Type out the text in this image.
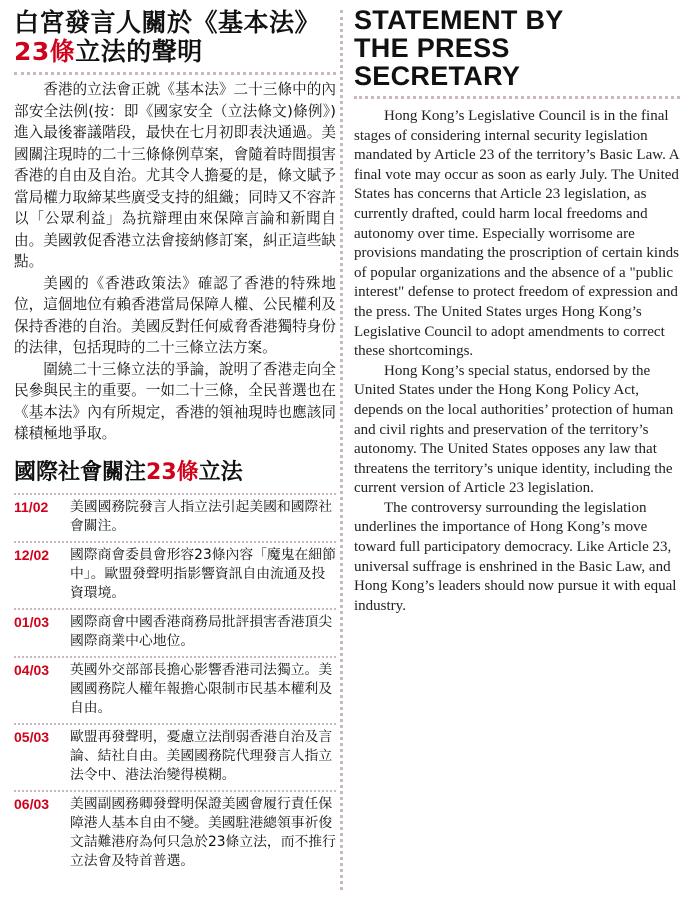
白宮發言人關於《基本法》
23條立法的聲明

香港的立法會正就《基本法》二十三條中的內部安全法例(按：即《國家安全（立法條文)條例》)進入最後審議階段，最快在七月初即表決通過。美國關注現時的二十三條條例草案，會隨着時間損害香港的自由及自治。尤其令人擔憂的是，條文賦予當局權力取締某些廣受支持的組織；同時又不容許以「公眾利益」為抗辯理由來保障言論和新聞自由。美國敦促香港立法會接納修訂案，糾正這些缺點。

美國的《香港政策法》確認了香港的特殊地位，這個地位有賴香港當局保障人權、公民權利及保持香港的自治。美國反對任何威脅香港獨特身份的法律，包括現時的二十三條立法方案。

圍繞二十三條立法的爭論，說明了香港走向全民參與民主的重要。一如二十三條，全民普選也在《基本法》內有所規定，香港的領袖現時也應該同樣積極地爭取。

國際社會關注23條立法
11/02	美國國務院發言人指立法引起美國和國際社會關注。
12/02	國際商會委員會形容23條內容「魔鬼在細節中」。歐盟發聲明指影響資訊自由流通及投資環境。
01/03	國際商會中國香港商務局批評損害香港頂尖國際商業中心地位。
04/03	英國外交部部長擔心影響香港司法獨立。美國國務院人權年報擔心限制市民基本權利及自由。
05/03	歐盟再發聲明，憂慮立法削弱香港自治及言論、結社自由。美國國務院代理發言人指立法令中、港法治變得模糊。
06/03	美國副國務卿發聲明保證美國會履行責任保障港人基本自由不變。美國駐港總領事祈俊文詰難港府為何只急於23條立法，而不推行立法會及特首普選。
STATEMENT BY
THE PRESS SECRETARY

Hong Kong’s Legislative Council is in the final stages of considering internal security legislation mandated by Article 23 of the territory’s Basic Law. A final vote may occur as soon as early July. The United States has concerns that Article 23 legislation, as currently drafted, could harm local freedoms and autonomy over time. Especially worrisome are provisions mandating the proscription of certain kinds of popular organizations and the absence of a "public interest" defense to protect freedom of expression and the press. The United States urges Hong Kong’s Legislative Council to adopt amendments to correct these shortcomings.

Hong Kong’s special status, endorsed by the United States under the Hong Kong Policy Act, depends on the local authorities’ protection of human and civil rights and preservation of the territory’s autonomy. The United States opposes any law that threatens the territory’s unique identity, including the current version of Article 23 legislation.

The controversy surrounding the legislation underlines the importance of Hong Kong’s move toward full participatory democracy. Like Article 23, universal suffrage is enshrined in the Basic Law, and Hong Kong’s leaders should now pursue it with equal industry.
